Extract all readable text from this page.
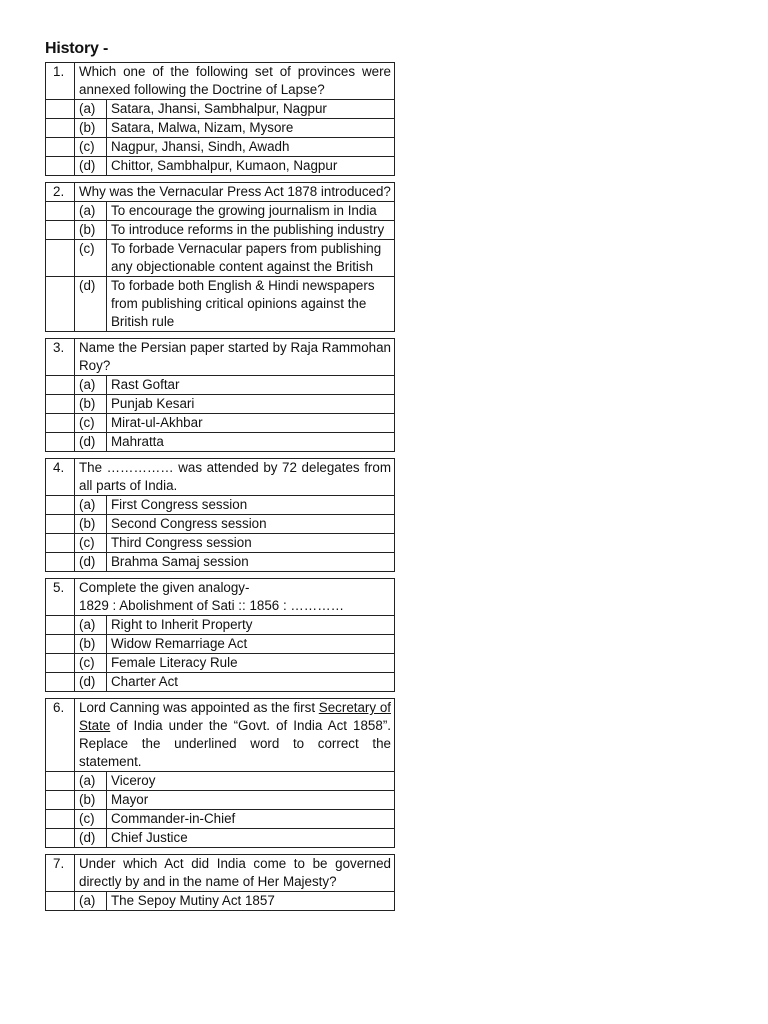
History -
1.	Which one of the following set of provinces were annexed following the Doctrine of Lapse?	

	(a)	Satara, Jhansi, Sambhalpur, Nagpur
	(b)	Satara, Malwa, Nizam, Mysore
	(c)	Nagpur, Jhansi, Sindh, Awadh
	(d)	Chittor, Sambhalpur, Kumaon, Nagpur
2.	Why was the Vernacular Press Act 1878 introduced?	

	(a)	To encourage the growing journalism in India
	(b)	To introduce reforms in the publishing industry
	(c)	To forbade Vernacular papers from publishing any objectionable content against the British
	(d)	To forbade both English & Hindi newspapers from publishing critical opinions against the British rule
3.	Name the Persian paper started by Raja Rammohan Roy?	

	(a)	Rast Goftar
	(b)	Punjab Kesari
	(c)	Mirat-ul-Akhbar
	(d)	Mahratta
4.	The …………… was attended by 72 delegates from all parts of India.	

	(a)	First Congress session
	(b)	Second Congress session
	(c)	Third Congress session
	(d)	Brahma Samaj session
5.	Complete the given analogy-
1829 : Abolishment of Sati :: 1856 : …………	

	(a)	Right to Inherit Property
	(b)	Widow Remarriage Act
	(c)	Female Literacy Rule
	(d)	Charter Act
6.	Lord Canning was appointed as the first Secretary of State of India under the “Govt. of India Act 1858”. Replace the underlined word to correct the statement.	
	(a)	Viceroy
	(b)	Mayor
	(c)	Commander-in-Chief
	(d)	Chief Justice
7.	Under which Act did India come to be governed directly by and in the name of Her Majesty?	

	(a)	The Sepoy Mutiny Act 1857
